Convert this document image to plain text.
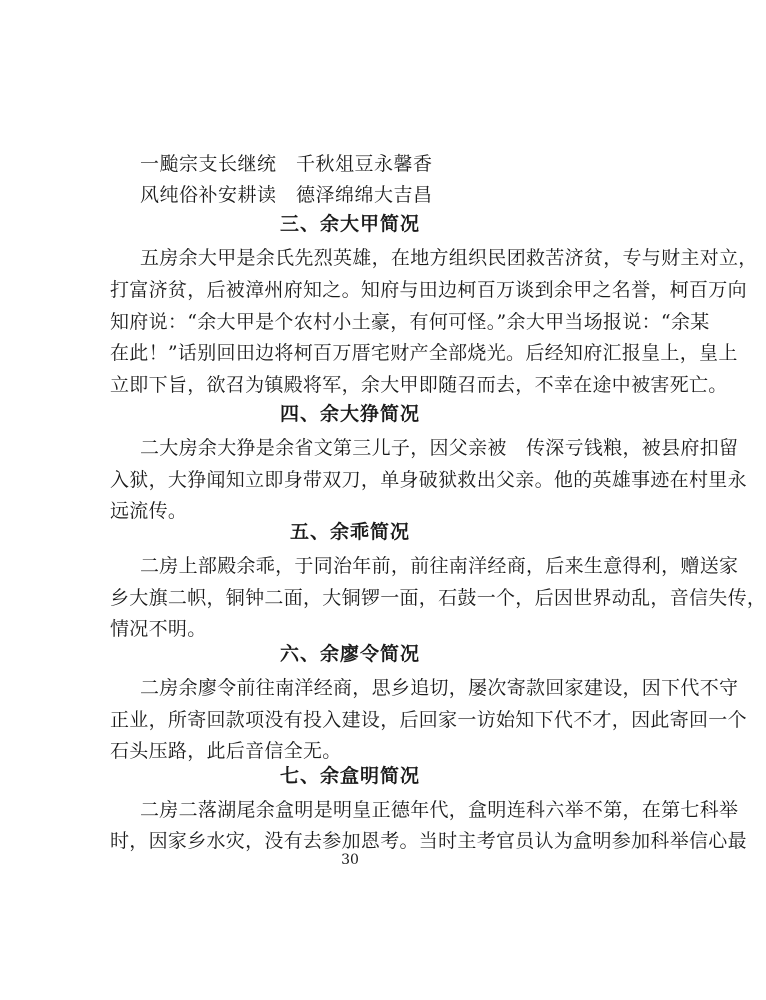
一颱宗支长继统　千秋俎豆永馨香
风纯俗补安耕读　德泽绵绵大吉昌
三、余大甲简况
五房余大甲是余氏先烈英雄，在地方组织民团救苦济贫，专与财主对立，
打富济贫，后被漳州府知之。知府与田边柯百万谈到余甲之名誉，柯百万向
知府说：“余大甲是个农村小土豪，有何可怪。”余大甲当场报说：“余某
在此！”话别回田边将柯百万厝宅财产全部烧光。后经知府汇报皇上，皇上
立即下旨，欲召为镇殿将军，余大甲即随召而去，不幸在途中被害死亡。
四、余大狰简况
二大房余大狰是余省文第三儿子，因父亲被　传深亏钱粮，被县府扣留
入狱，大狰闻知立即身带双刀，单身破狱救出父亲。他的英雄事迹在村里永
远流传。
五、余乖简况
二房上部殿余乖，于同治年前，前往南洋经商，后来生意得利，赠送家
乡大旗二帜，铜钟二面，大铜锣一面，石鼓一个，后因世界动乱，音信失传，
情况不明。
六、余廖令简况
二房余廖令前往南洋经商，思乡追切，屡次寄款回家建设，因下代不守
正业，所寄回款项没有投入建设，后回家一访始知下代不才，因此寄回一个
石头压路，此后音信全无。
七、余盒明简况
二房二落湖尾余盒明是明皇正德年代，盒明连科六举不第，在第七科举
时，因家乡水灾，没有去参加恩考。当时主考官员认为盒明参加科举信心最
30
